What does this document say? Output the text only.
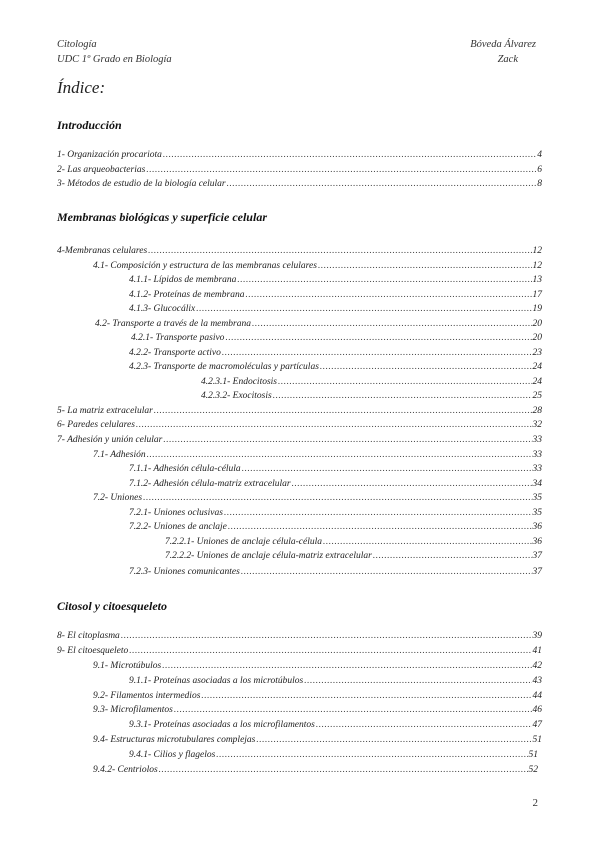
Citología
UDC 1º Grado en Biología
Bóveda Álvarez
Zack
Índice:
Introducción
Membranas biológicas y superficie celular
Citosol y citoesqueleto
1- Organización procariota .....	4
2- Las arqueobacterias .....	6
3- Métodos de estudio de la biología celular .....	8
4-Membranas celulares .....	12
4.1- Composición y estructura de las membranas celulares .....	12
4.1.1- Lípidos de membrana .....	13
4.1.2- Proteínas de membrana .....	17
4.1.3- Glucocálix .....	19
4.2- Transporte a través de la membrana .....	20
4.2.1- Transporte pasivo .....	20
4.2.2- Transporte activo .....	23
4.2.3- Transporte de macromoléculas y partículas .....	24
4.2.3.1- Endocitosis .....	24
4.2.3.2- Exocitosis .....	25
5- La matriz extracelular .....	28
6- Paredes celulares .....	32
7- Adhesión y unión celular .....	33
7.1- Adhesión .....	33
7.1.1- Adhesión célula-célula .....	33
7.1.2- Adhesión célula-matriz extracelular .....	34
7.2- Uniones .....	35
7.2.1- Uniones oclusivas .....	35
7.2.2- Uniones de anclaje .....	36
7.2.2.1- Uniones de anclaje célula-célula .....	36
7.2.2.2- Uniones de anclaje célula-matriz extracelular .....	37
7.2.3- Uniones comunicantes .....	37
8- El citoplasma .....	39
9- El citoesqueleto .....	41
9.1- Microtúbulos .....	42
9.1.1- Proteínas asociadas a los microtúbulos .....	43
9.2- Filamentos intermedios .....	44
9.3- Microfilamentos .....	46
9.3.1- Proteínas asociadas a los microfilamentos .....	47
9.4- Estructuras microtubulares complejas .....	51
9.4.1- Cilios y flagelos .....	51
9.4.2- Centriolos .....	52
2
